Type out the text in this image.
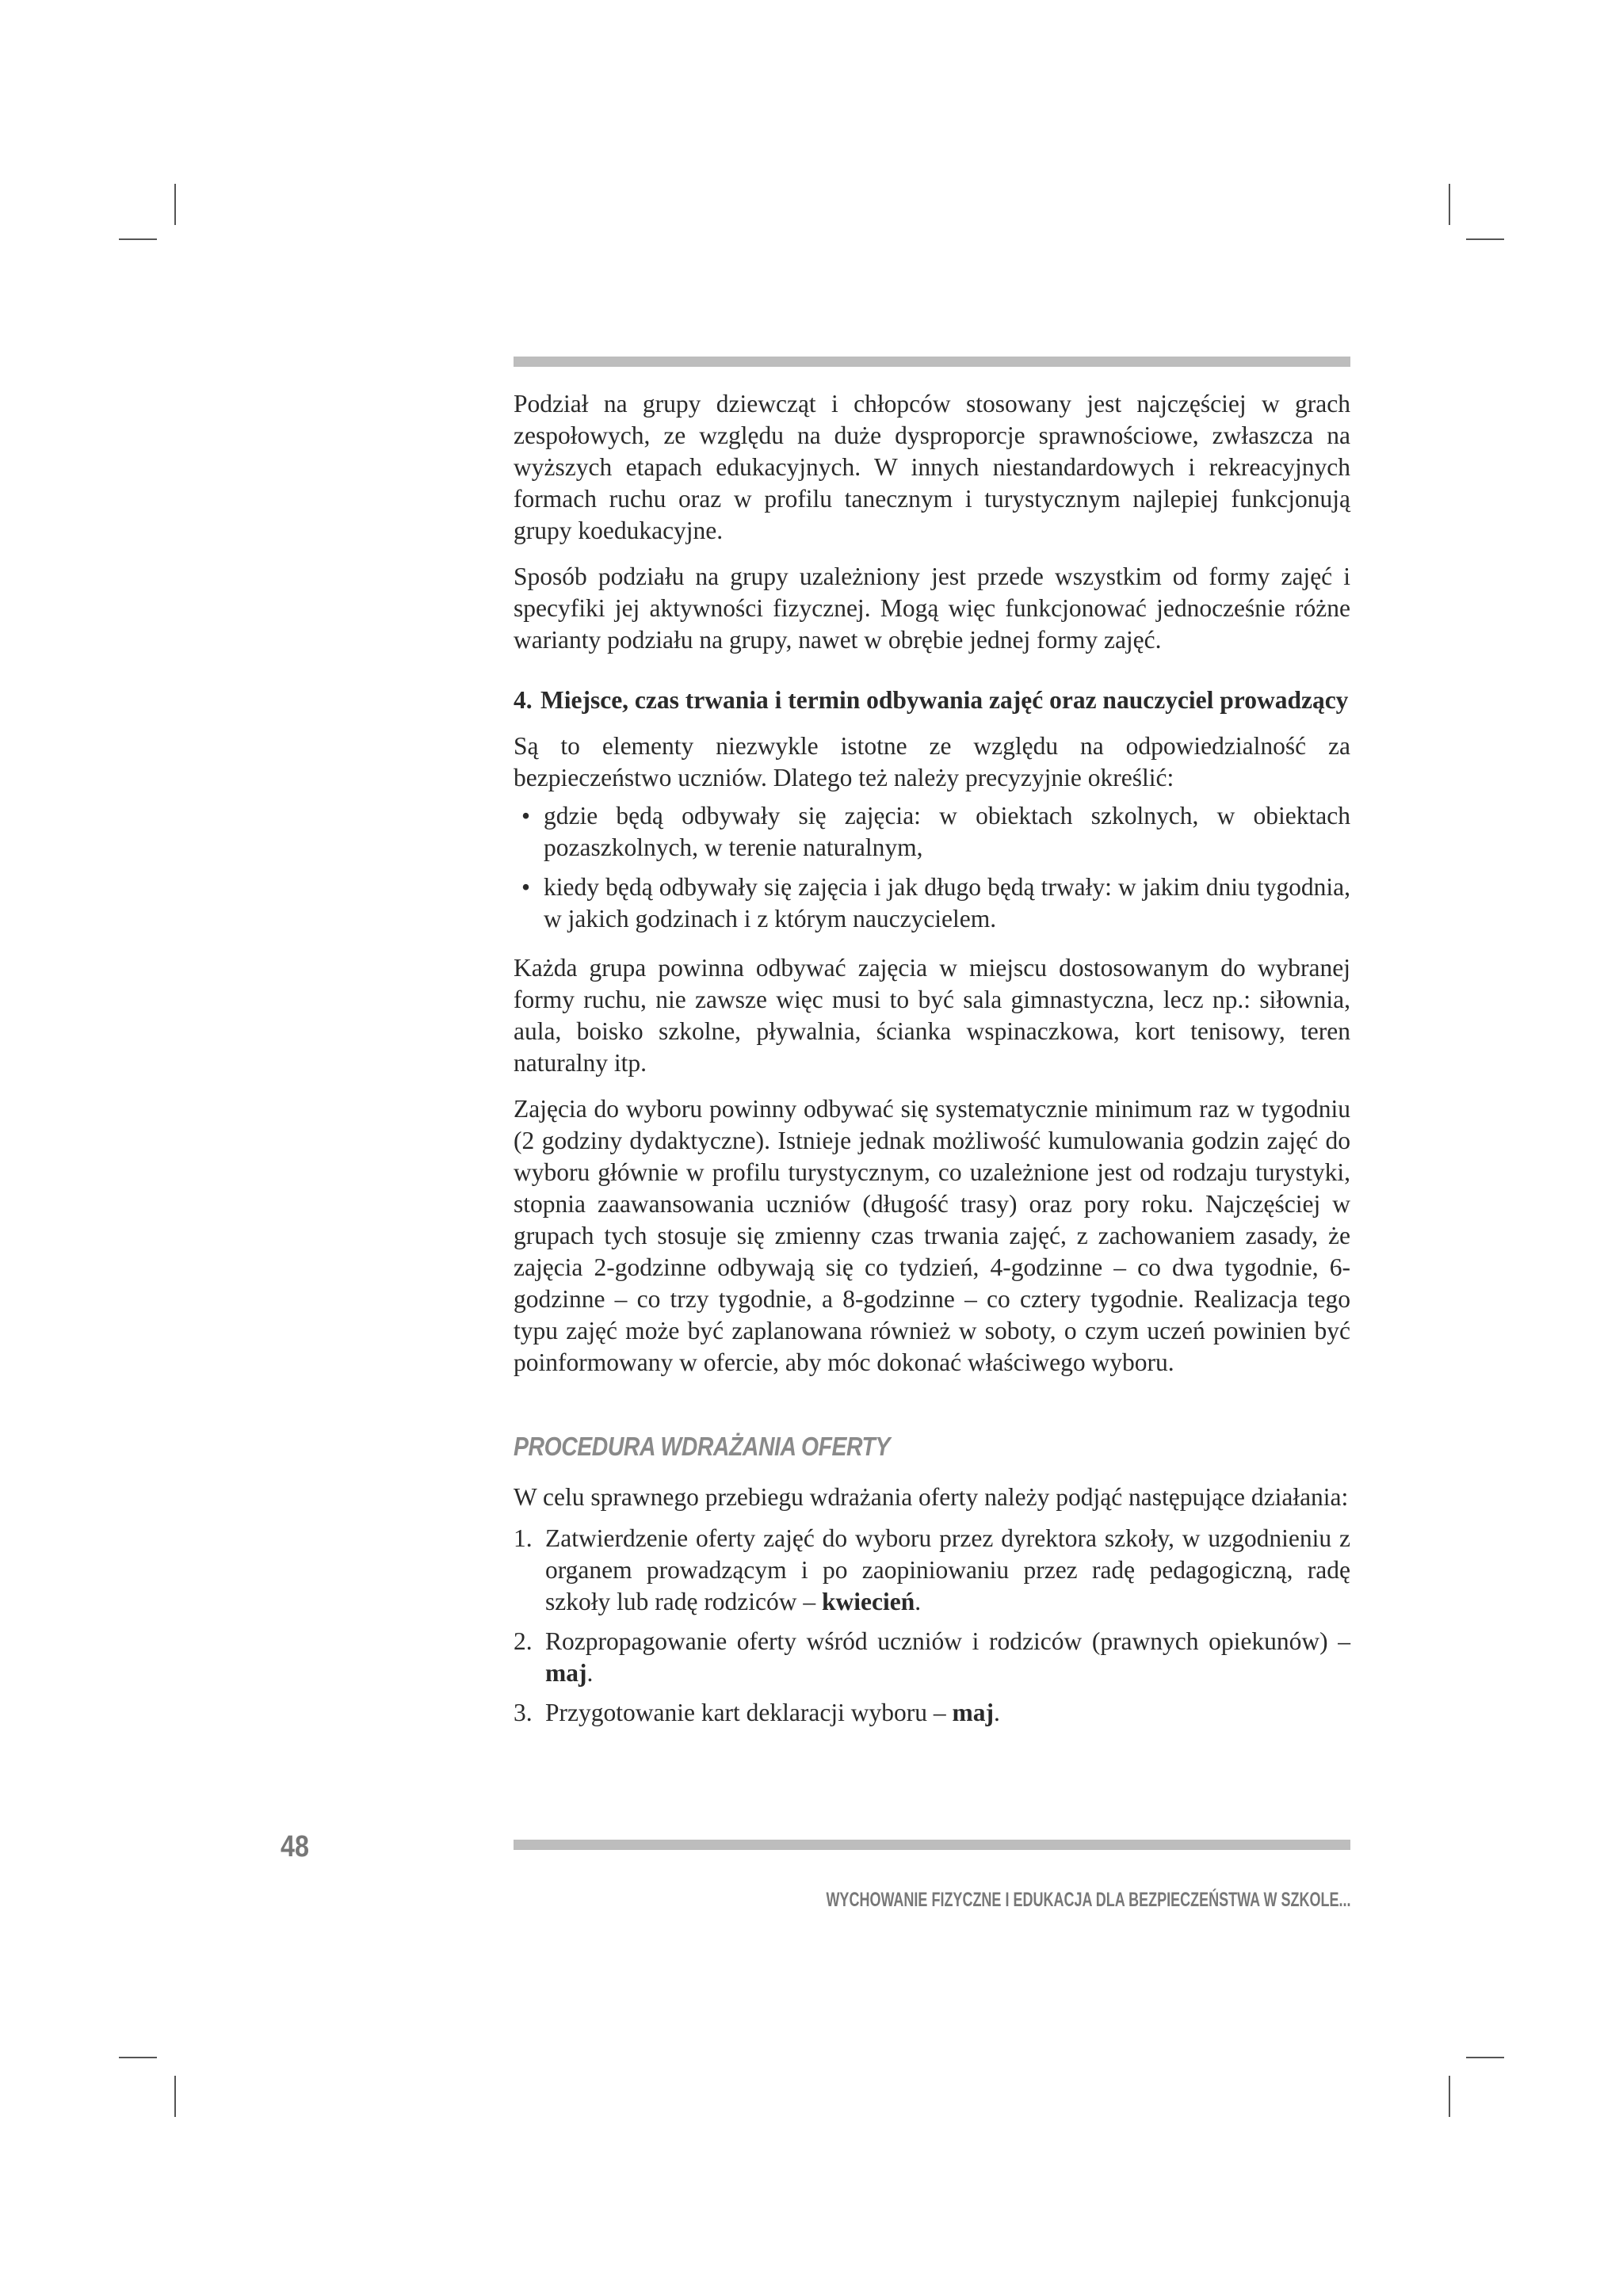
Podział na grupy dziewcząt i chłopców stosowany jest najczęściej w grach zespołowych, ze względu na duże dysproporcje sprawnościowe, zwłaszcza na wyższych etapach edukacyjnych. W innych niestandardowych i rekreacyjnych formach ruchu oraz w profilu tanecznym i turystycznym najlepiej funkcjonują grupy koedukacyjne.

Sposób podziału na grupy uzależniony jest przede wszystkim od formy zajęć i specyfiki jej aktywności fizycznej. Mogą więc funkcjonować jednocześnie różne warianty podziału na grupy, nawet w obrębie jednej formy zajęć.

4. Miejsce, czas trwania i termin odbywania zajęć oraz nauczyciel prowadzący

Są to elementy niezwykle istotne ze względu na odpowiedzialność za bezpieczeństwo uczniów. Dlatego też należy precyzyjnie określić:

• gdzie będą odbywały się zajęcia: w obiektach szkolnych, w obiektach pozaszkolnych, w terenie naturalnym,
• kiedy będą odbywały się zajęcia i jak długo będą trwały: w jakim dniu tygodnia, w jakich godzinach i z którym nauczycielem.

Każda grupa powinna odbywać zajęcia w miejscu dostosowanym do wybranej formy ruchu, nie zawsze więc musi to być sala gimnastyczna, lecz np.: siłownia, aula, boisko szkolne, pływalnia, ścianka wspinaczkowa, kort tenisowy, teren naturalny itp.

Zajęcia do wyboru powinny odbywać się systematycznie minimum raz w tygodniu (2 godziny dydaktyczne). Istnieje jednak możliwość kumulowania godzin zajęć do wyboru głównie w profilu turystycznym, co uzależnione jest od rodzaju turystyki, stopnia zaawansowania uczniów (długość trasy) oraz pory roku. Najczęściej w grupach tych stosuje się zmienny czas trwania zajęć, z zachowaniem zasady, że zajęcia 2-godzinne odbywają się co tydzień, 4-godzinne – co dwa tygodnie, 6-godzinne – co trzy tygodnie, a 8-godzinne – co cztery tygodnie. Realizacja tego typu zajęć może być zaplanowana również w soboty, o czym uczeń powinien być poinformowany w ofercie, aby móc dokonać właściwego wyboru.

PROCEDURA WDRAŻANIA OFERTY

W celu sprawnego przebiegu wdrażania oferty należy podjąć następujące działania:

1. Zatwierdzenie oferty zajęć do wyboru przez dyrektora szkoły, w uzgodnieniu z organem prowadzącym i po zaopiniowaniu przez radę pedagogiczną, radę szkoły lub radę rodziców – kwiecień.
2. Rozpropagowanie oferty wśród uczniów i rodziców (prawnych opiekunów) – maj.
3. Przygotowanie kart deklaracji wyboru – maj.
48
WYCHOWANIE FIZYCZNE I EDUKACJA DLA BEZPIECZEŃSTWA W SZKOLE...
